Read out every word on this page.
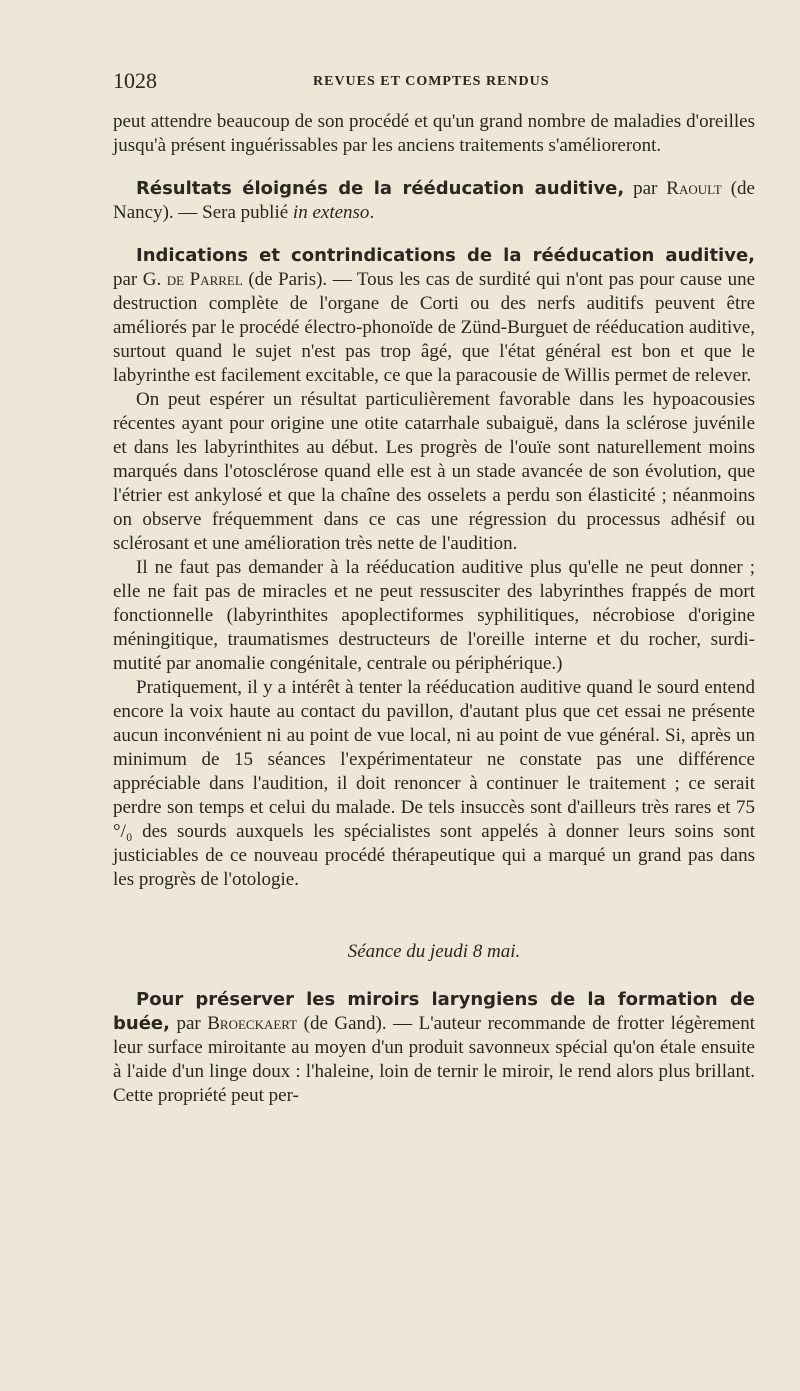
1028	REVUES ET COMPTES RENDUS

peut attendre beaucoup de son procédé et qu'un grand nombre de maladies d'oreilles jusqu'à présent inguérissables par les anciens traitements s'amélioreront.

Résultats éloignés de la rééducation auditive, par Raoult (de Nancy). — Sera publié in extenso.

Indications et contrindications de la rééducation auditive, par G. de Parrel (de Paris). — Tous les cas de surdité qui n'ont pas pour cause une destruction complète de l'organe de Corti ou des nerfs auditifs peuvent être améliorés par le procédé électro-phonoïde de Zünd-Burguet de rééducation auditive, surtout quand le sujet n'est pas trop âgé, que l'état général est bon et que le labyrinthe est facilement excitable, ce que la paracousie de Willis permet de relever.

On peut espérer un résultat particulièrement favorable dans les hypoacousies récentes ayant pour origine une otite catarrhale subaiguë, dans la sclérose juvénile et dans les labyrinthites au début. Les progrès de l'ouïe sont naturellement moins marqués dans l'otosclérose quand elle est à un stade avancée de son évolution, que l'étrier est ankylosé et que la chaîne des osselets a perdu son élasticité ; néanmoins on observe fréquemment dans ce cas une régression du processus adhésif ou sclérosant et une amélioration très nette de l'audition.

Il ne faut pas demander à la rééducation auditive plus qu'elle ne peut donner ; elle ne fait pas de miracles et ne peut ressusciter des labyrinthes frappés de mort fonctionnelle (labyrinthites apoplectiformes syphilitiques, nécrobiose d'origine méningitique, traumatismes destructeurs de l'oreille interne et du rocher, surdi-mutité par anomalie congénitale, centrale ou périphérique.)

Pratiquement, il y a intérêt à tenter la rééducation auditive quand le sourd entend encore la voix haute au contact du pavillon, d'autant plus que cet essai ne présente aucun inconvénient ni au point de vue local, ni au point de vue général. Si, après un minimum de 15 séances l'expérimentateur ne constate pas une différence appréciable dans l'audition, il doit renoncer à continuer le traitement ; ce serait perdre son temps et celui du malade. De tels insuccès sont d'ailleurs très rares et 75 °/₀ des sourds auxquels les spécialistes sont appelés à donner leurs soins sont justiciables de ce nouveau procédé thérapeutique qui a marqué un grand pas dans les progrès de l'otologie.

Séance du jeudi 8 mai.

Pour préserver les miroirs laryngiens de la formation de buée, par Broeckaert (de Gand). — L'auteur recommande de frotter légèrement leur surface miroitante au moyen d'un produit savonneux spécial qu'on étale ensuite à l'aide d'un linge doux : l'haleine, loin de ternir le miroir, le rend alors plus brillant. Cette propriété peut per-
